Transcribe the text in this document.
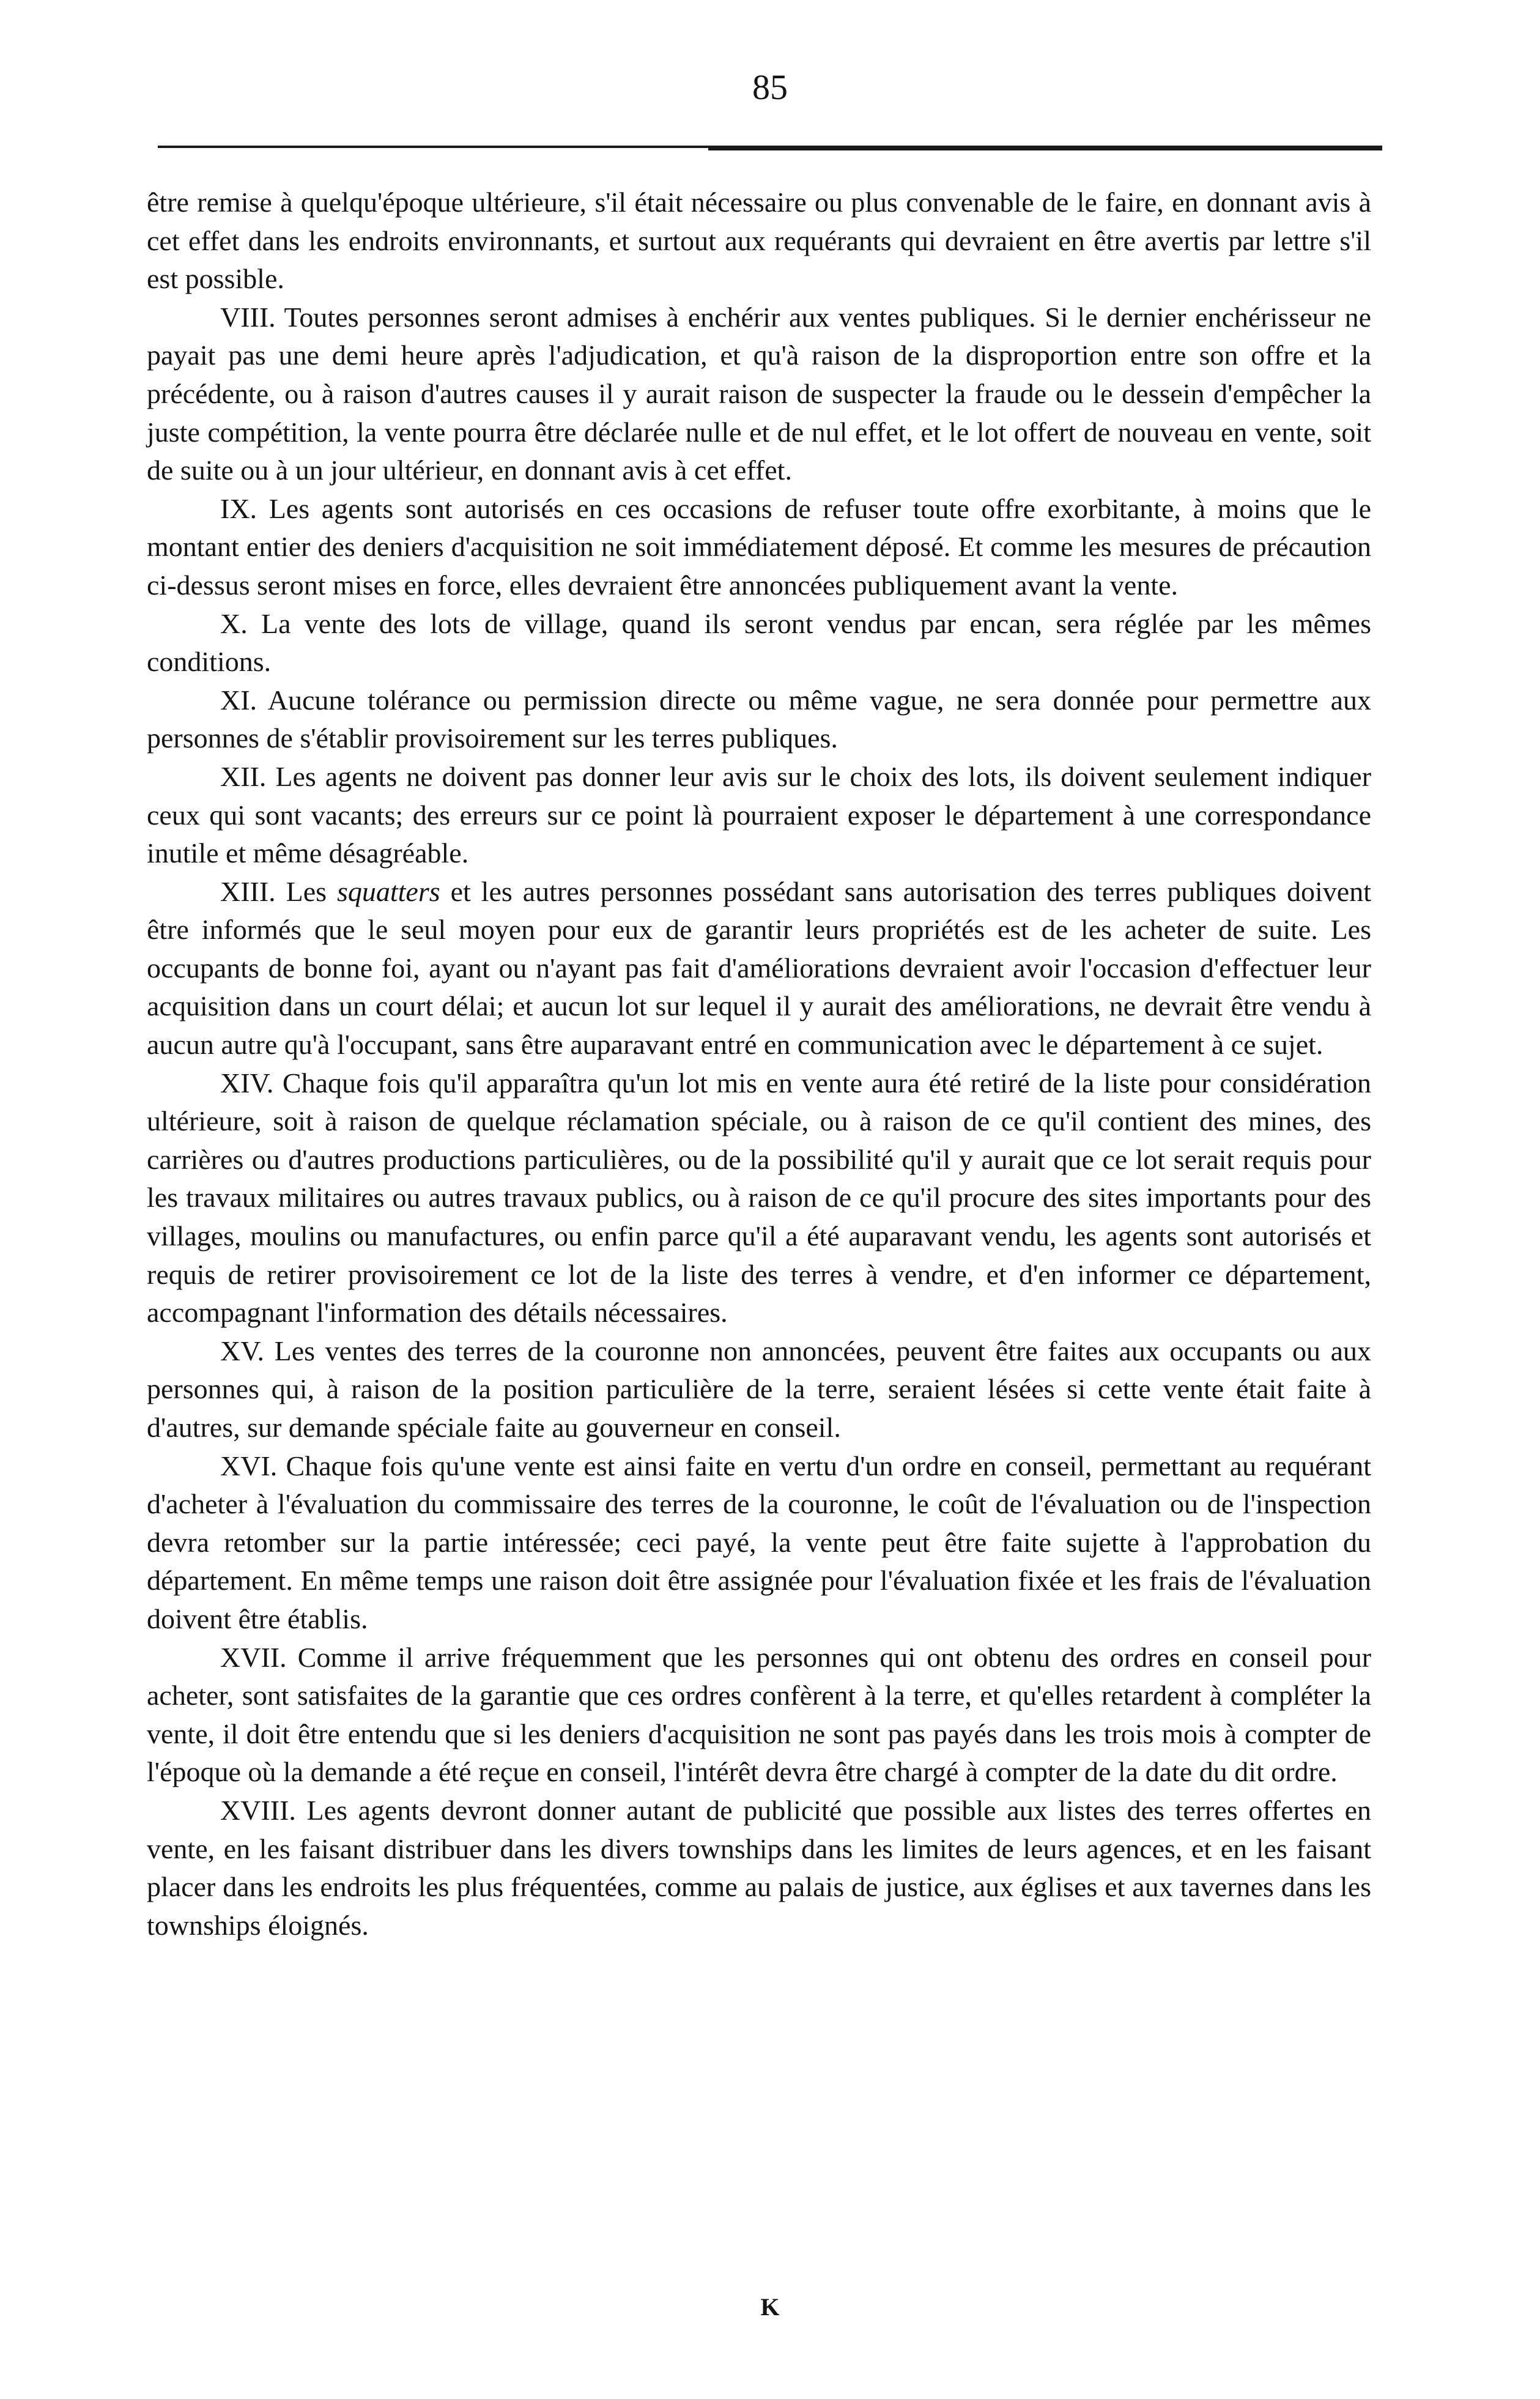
85

être remise à quelqu'époque ultérieure, s'il était nécessaire ou plus convenable de le faire, en donnant avis à cet effet dans les endroits environnants, et surtout aux requérants qui devraient en être avertis par lettre s'il est possible.

VIII. Toutes personnes seront admises à enchérir aux ventes publiques. Si le dernier enchérisseur ne payait pas une demi heure après l'adjudication, et qu'à raison de la disproportion entre son offre et la précédente, ou à raison d'autres causes il y aurait raison de suspecter la fraude ou le dessein d'empêcher la juste compétition, la vente pourra être déclarée nulle et de nul effet, et le lot offert de nouveau en vente, soit de suite ou à un jour ultérieur, en donnant avis à cet effet.

IX. Les agents sont autorisés en ces occasions de refuser toute offre exorbitante, à moins que le montant entier des deniers d'acquisition ne soit immédiatement déposé. Et comme les mesures de précaution ci-dessus seront mises en force, elles devraient être annoncées publiquement avant la vente.

X. La vente des lots de village, quand ils seront vendus par encan, sera réglée par les mêmes conditions.

XI. Aucune tolérance ou permission directe ou même vague, ne sera donnée pour permettre aux personnes de s'établir provisoirement sur les terres publiques.

XII. Les agents ne doivent pas donner leur avis sur le choix des lots, ils doivent seulement indiquer ceux qui sont vacants; des erreurs sur ce point là pourraient exposer le département à une correspondance inutile et même désagréable.

XIII. Les squatters et les autres personnes possédant sans autorisation des terres publiques doivent être informés que le seul moyen pour eux de garantir leurs propriétés est de les acheter de suite. Les occupants de bonne foi, ayant ou n'ayant pas fait d'améliorations devraient avoir l'occasion d'effectuer leur acquisition dans un court délai; et aucun lot sur lequel il y aurait des améliorations, ne devrait être vendu à aucun autre qu'à l'occupant, sans être auparavant entré en communication avec le département à ce sujet.

XIV. Chaque fois qu'il apparaîtra qu'un lot mis en vente aura été retiré de la liste pour considération ultérieure, soit à raison de quelque réclamation spéciale, ou à raison de ce qu'il contient des mines, des carrières ou d'autres productions particulières, ou de la possibilité qu'il y aurait que ce lot serait requis pour les travaux militaires ou autres travaux publics, ou à raison de ce qu'il procure des sites importants pour des villages, moulins ou manufactures, ou enfin parce qu'il a été auparavant vendu, les agents sont autorisés et requis de retirer provisoirement ce lot de la liste des terres à vendre, et d'en informer ce département, accompagnant l'information des détails nécessaires.

XV. Les ventes des terres de la couronne non annoncées, peuvent être faites aux occupants ou aux personnes qui, à raison de la position particulière de la terre, seraient lésées si cette vente était faite à d'autres, sur demande spéciale faite au gouverneur en conseil.

XVI. Chaque fois qu'une vente est ainsi faite en vertu d'un ordre en conseil, permettant au requérant d'acheter à l'évaluation du commissaire des terres de la couronne, le coût de l'évaluation ou de l'inspection devra retomber sur la partie intéressée; ceci payé, la vente peut être faite sujette à l'approbation du département. En même temps une raison doit être assignée pour l'évaluation fixée et les frais de l'évaluation doivent être établis.

XVII. Comme il arrive fréquemment que les personnes qui ont obtenu des ordres en conseil pour acheter, sont satisfaites de la garantie que ces ordres confèrent à la terre, et qu'elles retardent à compléter la vente, il doit être entendu que si les deniers d'acquisition ne sont pas payés dans les trois mois à compter de l'époque où la demande a été reçue en conseil, l'intérêt devra être chargé à compter de la date du dit ordre.

XVIII. Les agents devront donner autant de publicité que possible aux listes des terres offertes en vente, en les faisant distribuer dans les divers townships dans les limites de leurs agences, et en les faisant placer dans les endroits les plus fréquentées, comme au palais de justice, aux églises et aux tavernes dans les townships éloignés.

K
